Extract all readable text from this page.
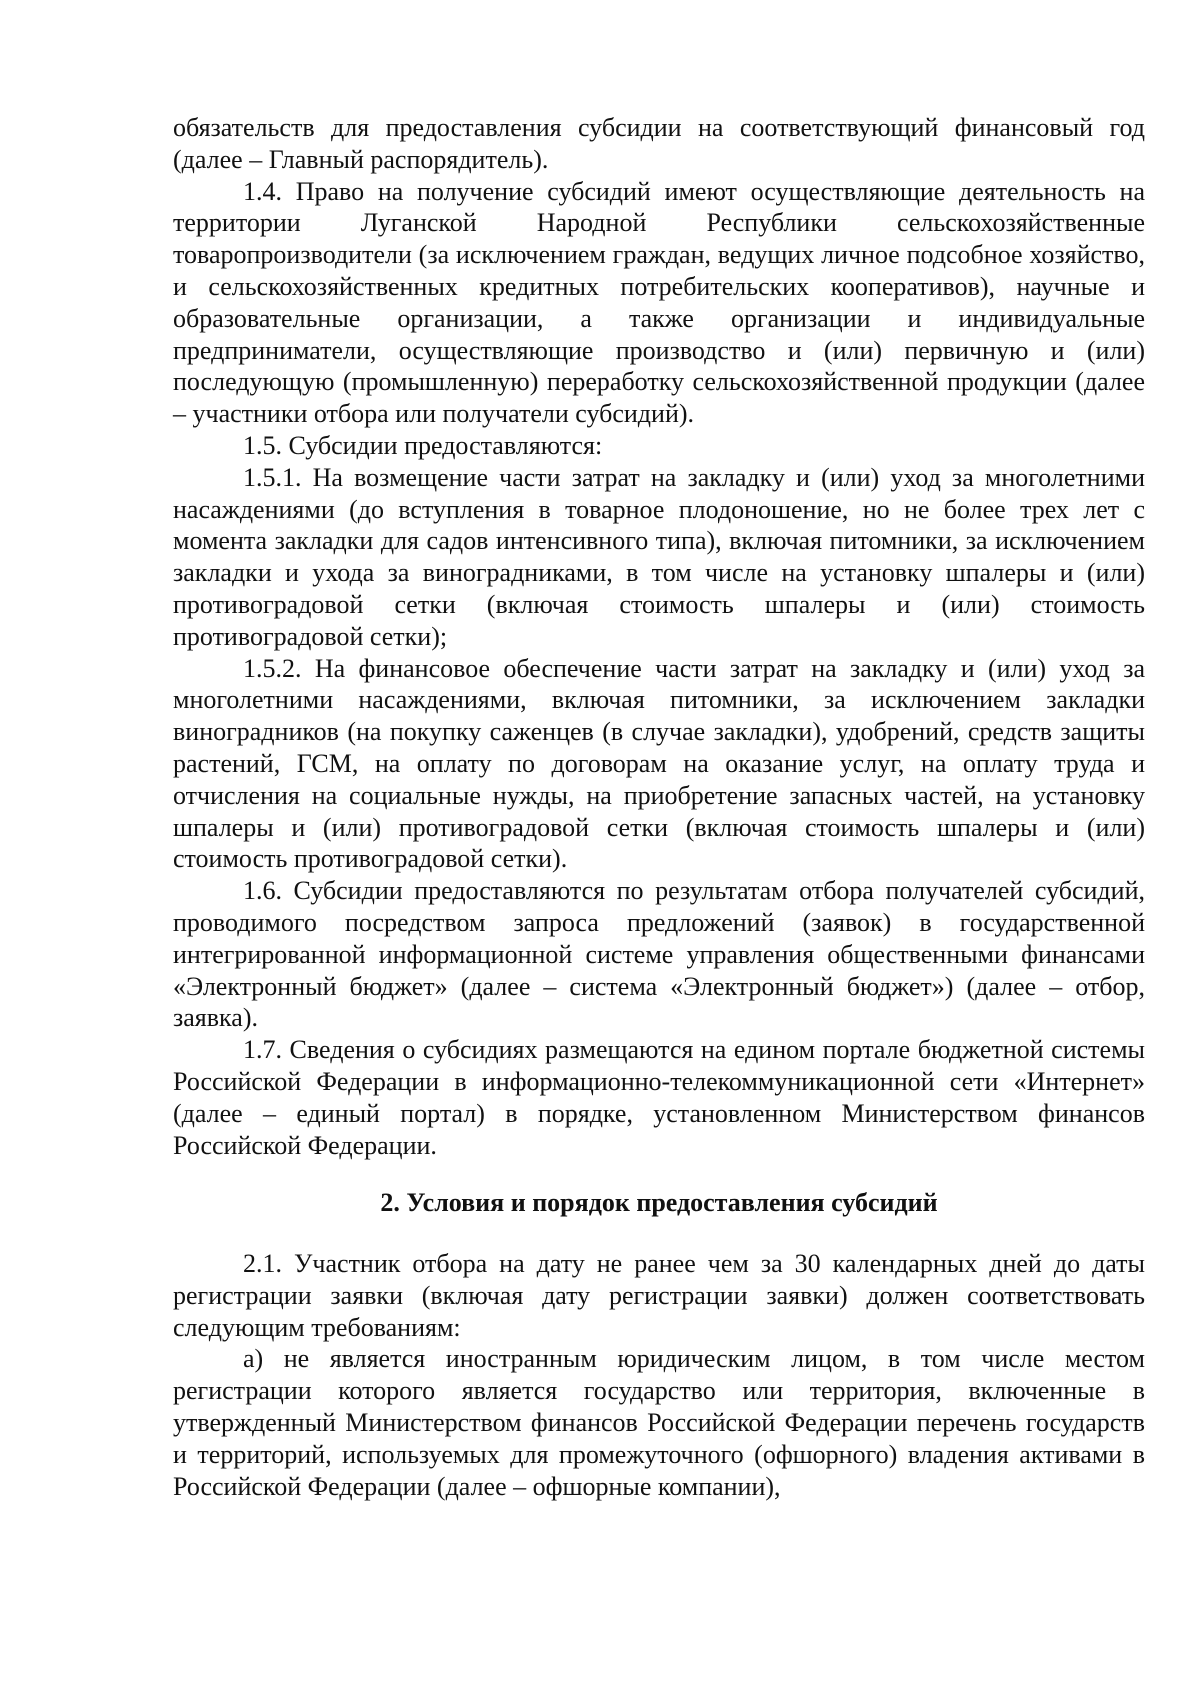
обязательств для предоставления субсидии на соответствующий финансовый год (далее – Главный распорядитель).

1.4. Право на получение субсидий имеют осуществляющие деятельность на территории Луганской Народной Республики сельскохозяйственные товаропроизводители (за исключением граждан, ведущих личное подсобное хозяйство, и сельскохозяйственных кредитных потребительских кооперативов), научные и образовательные организации, а также организации и индивидуальные предприниматели, осуществляющие производство и (или) первичную и (или) последующую (промышленную) переработку сельскохозяйственной продукции (далее – участники отбора или получатели субсидий).

1.5. Субсидии предоставляются:

1.5.1. На возмещение части затрат на закладку и (или) уход за многолетними насаждениями (до вступления в товарное плодоношение, но не более трех лет с момента закладки для садов интенсивного типа), включая питомники, за исключением закладки и ухода за виноградниками, в том числе на установку шпалеры и (или) противоградовой сетки (включая стоимость шпалеры и (или) стоимость противоградовой сетки);

1.5.2. На финансовое обеспечение части затрат на закладку и (или) уход за многолетними насаждениями, включая питомники, за исключением закладки виноградников (на покупку саженцев (в случае закладки), удобрений, средств защиты растений, ГСМ, на оплату по договорам на оказание услуг, на оплату труда и отчисления на социальные нужды, на приобретение запасных частей, на установку шпалеры и (или) противоградовой сетки (включая стоимость шпалеры и (или) стоимость противоградовой сетки).

1.6. Субсидии предоставляются по результатам отбора получателей субсидий, проводимого посредством запроса предложений (заявок) в государственной интегрированной информационной системе управления общественными финансами «Электронный бюджет» (далее – система «Электронный бюджет») (далее – отбор, заявка).

1.7. Сведения о субсидиях размещаются на едином портале бюджетной системы Российской Федерации в информационно-телекоммуникационной сети «Интернет» (далее – единый портал) в порядке, установленном Министерством финансов Российской Федерации.

2. Условия и порядок предоставления субсидий

2.1. Участник отбора на дату не ранее чем за 30 календарных дней до даты регистрации заявки (включая дату регистрации заявки) должен соответствовать следующим требованиям:

а) не является иностранным юридическим лицом, в том числе местом регистрации которого является государство или территория, включенные в утвержденный Министерством финансов Российской Федерации перечень государств и территорий, используемых для промежуточного (офшорного) владения активами в Российской Федерации (далее – офшорные компании),
